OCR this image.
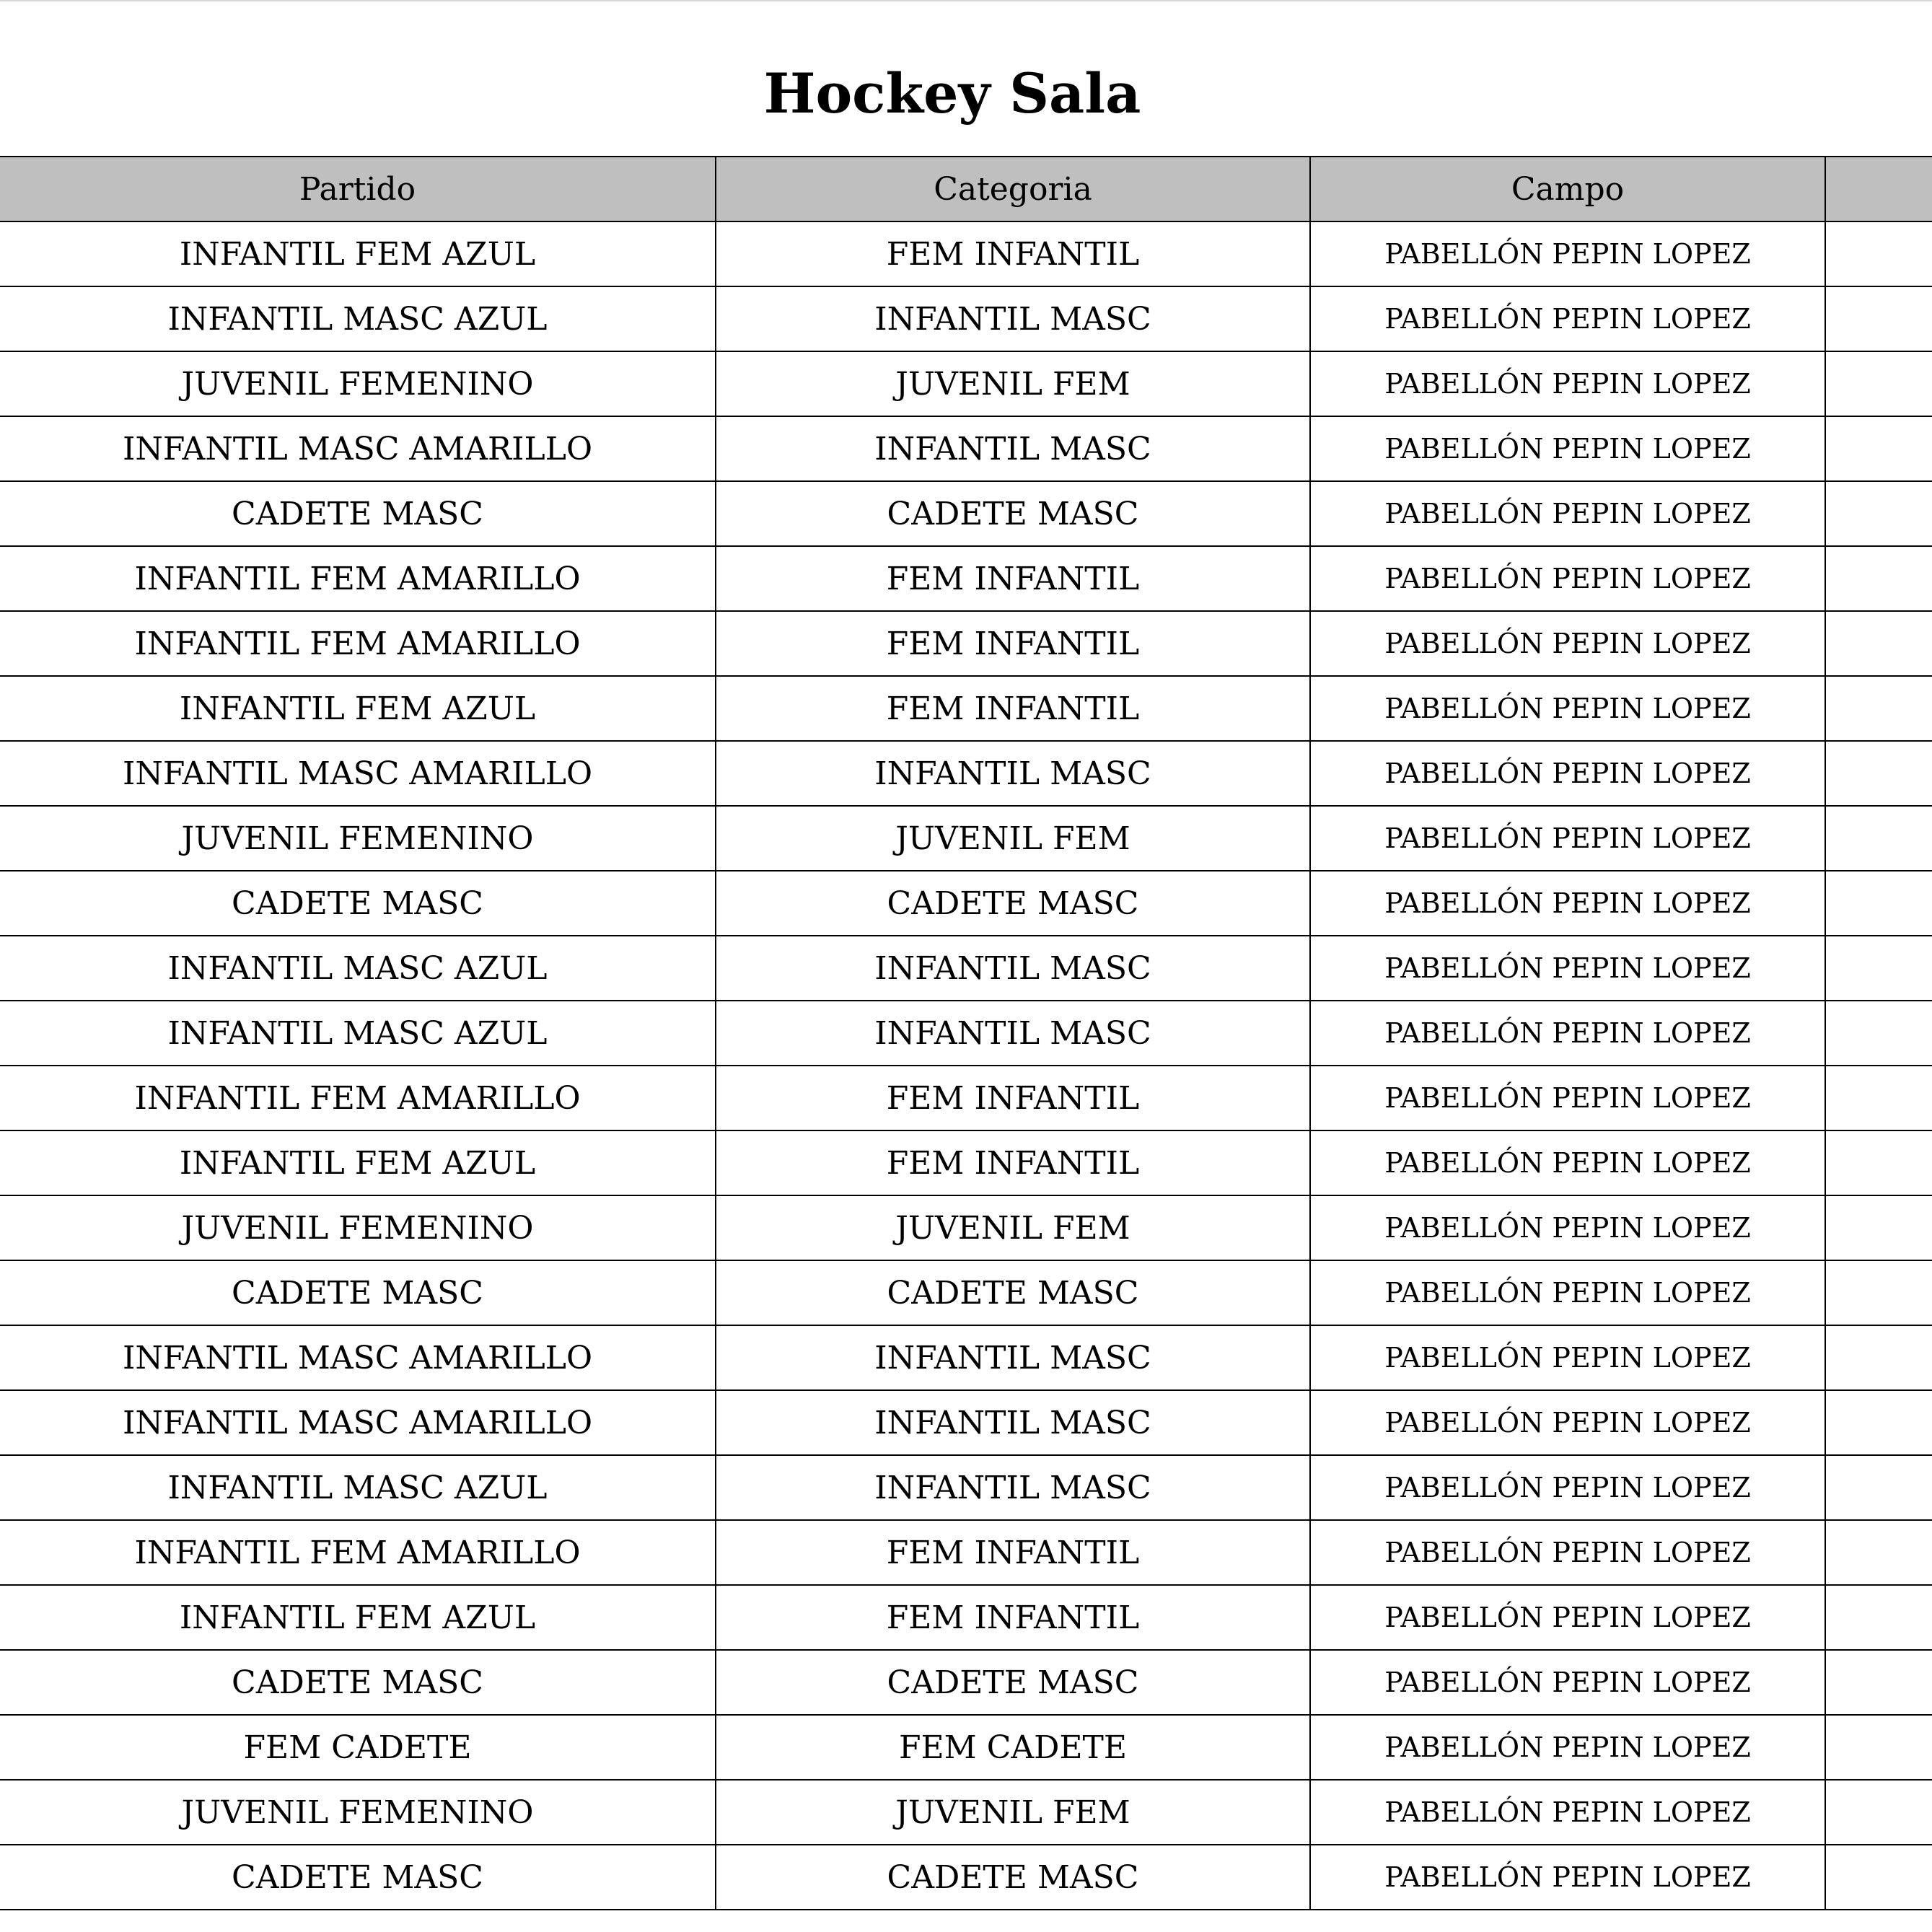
Hockey Sala
Partido	Categoria	Campo	
INFANTIL FEM AZUL	FEM INFANTIL	PABELLÓN PEPIN LOPEZ	
INFANTIL MASC AZUL	INFANTIL MASC	PABELLÓN PEPIN LOPEZ	
JUVENIL FEMENINO	JUVENIL FEM	PABELLÓN PEPIN LOPEZ	
INFANTIL MASC AMARILLO	INFANTIL MASC	PABELLÓN PEPIN LOPEZ	
CADETE MASC	CADETE MASC	PABELLÓN PEPIN LOPEZ	
INFANTIL FEM AMARILLO	FEM INFANTIL	PABELLÓN PEPIN LOPEZ	
INFANTIL FEM AMARILLO	FEM INFANTIL	PABELLÓN PEPIN LOPEZ	
INFANTIL FEM AZUL	FEM INFANTIL	PABELLÓN PEPIN LOPEZ	
INFANTIL MASC AMARILLO	INFANTIL MASC	PABELLÓN PEPIN LOPEZ	
JUVENIL FEMENINO	JUVENIL FEM	PABELLÓN PEPIN LOPEZ	
CADETE MASC	CADETE MASC	PABELLÓN PEPIN LOPEZ	
INFANTIL MASC AZUL	INFANTIL MASC	PABELLÓN PEPIN LOPEZ	
INFANTIL MASC AZUL	INFANTIL MASC	PABELLÓN PEPIN LOPEZ	
INFANTIL FEM AMARILLO	FEM INFANTIL	PABELLÓN PEPIN LOPEZ	
INFANTIL FEM AZUL	FEM INFANTIL	PABELLÓN PEPIN LOPEZ	
JUVENIL FEMENINO	JUVENIL FEM	PABELLÓN PEPIN LOPEZ	
CADETE MASC	CADETE MASC	PABELLÓN PEPIN LOPEZ	
INFANTIL MASC AMARILLO	INFANTIL MASC	PABELLÓN PEPIN LOPEZ	
INFANTIL MASC AMARILLO	INFANTIL MASC	PABELLÓN PEPIN LOPEZ	
INFANTIL MASC AZUL	INFANTIL MASC	PABELLÓN PEPIN LOPEZ	
INFANTIL FEM AMARILLO	FEM INFANTIL	PABELLÓN PEPIN LOPEZ	
INFANTIL FEM AZUL	FEM INFANTIL	PABELLÓN PEPIN LOPEZ	
CADETE MASC	CADETE MASC	PABELLÓN PEPIN LOPEZ	
FEM CADETE	FEM CADETE	PABELLÓN PEPIN LOPEZ	
JUVENIL FEMENINO	JUVENIL FEM	PABELLÓN PEPIN LOPEZ	
CADETE MASC	CADETE MASC	PABELLÓN PEPIN LOPEZ	
